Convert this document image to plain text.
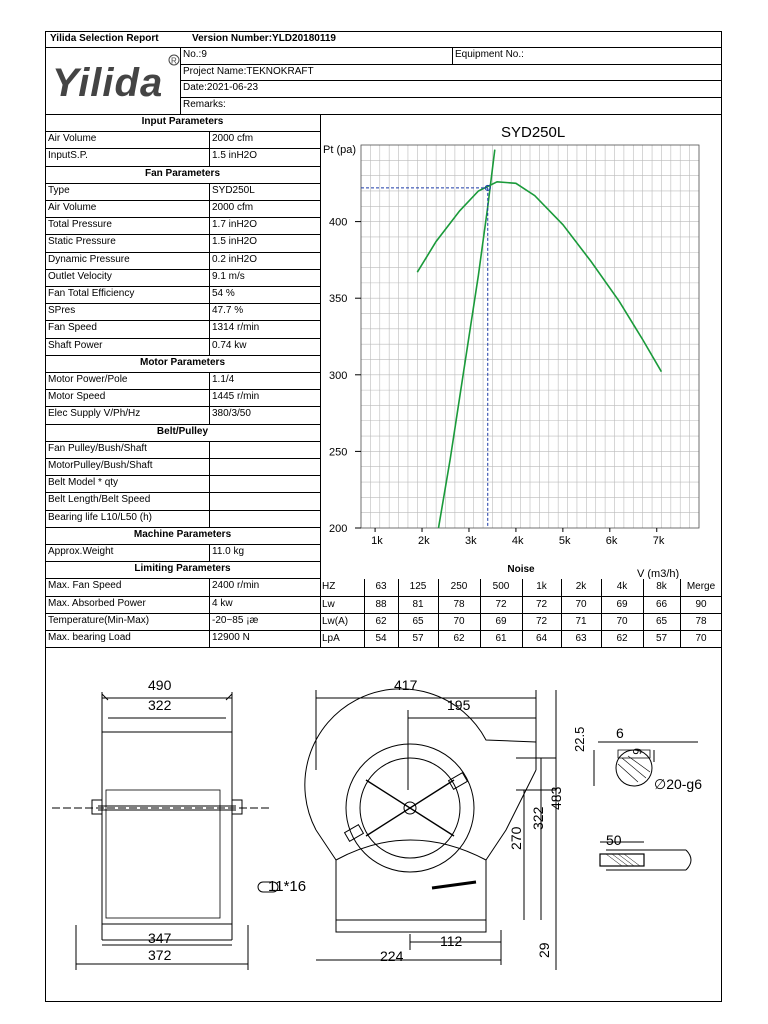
Yilida Selection Report	Version Number:YLD20180119
Yilida R
No.:9	Equipment No.:
Project Name:TEKNOKRAFT
Date:2021-06-23
Remarks:
Input Parameters
Air Volume	2000 cfm
InputS.P.	1.5 inH2O
Fan Parameters
Type	SYD250L
Air Volume	2000 cfm
Total Pressure	1.7 inH2O
Static Pressure	1.5 inH2O
Dynamic Pressure	0.2 inH2O
Outlet Velocity	9.1 m/s
Fan Total Efficiency	54 %
SPres	47.7 %
Fan Speed	1314 r/min
Shaft Power	0.74 kw
Motor Parameters
Motor Power/Pole	1.1/4
Motor Speed	1445 r/min
Elec Supply V/Ph/Hz	380/3/50
Belt/Pulley
Fan Pulley/Bush/Shaft
MotorPulley/Bush/Shaft
Belt Model * qty
Belt Length/Belt Speed
Bearing life L10/L50 (h)
Machine Parameters
Approx.Weight	11.0 kg
Limiting Parameters
Max. Fan Speed	2400 r/min
Max. Absorbed Power	4 kw
Temperature(Min-Max)	-20~85 ¡æ
Max. bearing Load	12900 N
1k	2k	3k	4k	5k	6k	7k
200
250
300
350
400
SYD250L
Pt (pa)
V (m3/h)
Noise
HZ	63	125	250	500	1k	2k	4k	8k	Merge
Lw	88	81	78	72	72	70	69	66	90
Lw(A)	62	65	70	69	72	71	70	65	78
LpA	54	57	62	61	64	63	62	57	70
490
322
417
195
6
6
22.5
∅20-g6
50
483
322
270
11*16
347
372
112
224	29
